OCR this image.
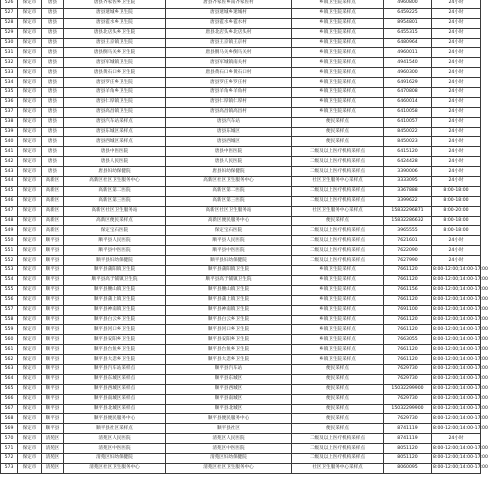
526	保定市	唐县	唐县齐家佐乡卫生院	唐县齐家佐乡南齐家佐村	乡镇卫生院采样点	4960800	24小时
527	保定市	唐县	唐县迷城乡卫生院	唐县迷城乡迷城村	乡镇卫生院采样点	6459225	24小时
528	保定市	唐县	唐县雹水乡卫生院	唐县雹水乡雹水村	乡镇卫生院采样点	8954801	24小时
529	保定市	唐县	唐县北店头乡卫生院	唐县北店头乡北店头村	乡镇卫生院采样点	6455315	24小时
530	保定市	唐县	唐县王京镇卫生院	唐县王京镇王京村	乡镇卫生院采样点	6480964	24小时
531	保定市	唐县	唐县倒马关乡卫生院	唐县倒马关乡倒马关村	乡镇卫生院采样点	4960011	24小时
532	保定市	唐县	唐县军城镇卫生院	唐县军城镇南关村	乡镇卫生院采样点	4941540	24小时
533	保定市	唐县	唐县黄石口乡卫生院	唐县黄石口乡黄石口村	乡镇卫生院采样点	4960300	24小时
534	保定市	唐县	唐县罗庄乡卫生院	唐县罗庄乡罗庄村	乡镇卫生院采样点	6491629	24小时
535	保定市	唐县	唐县羊角乡卫生院	唐县羊角乡羊角村	乡镇卫生院采样点	6470808	24小时
536	保定市	唐县	唐县仁厚镇卫生院	唐县仁厚镇仁厚村	乡镇卫生院采样点	6460014	24小时
537	保定市	唐县	唐县高昌镇卫生院	唐县高昌镇高昌村	乡镇卫生院采样点	6410058	24小时
538	保定市	唐县	唐县汽车站采样点	唐县汽车站	便民采样点	6410057	24小时
539	保定市	唐县	唐县东城区采样点	唐县东城区	便民采样点	8450022	24小时
540	保定市	唐县	唐县西城区采样点	唐县西城区	便民采样点	8450023	24小时
541	保定市	唐县	唐县中医医院	唐县中医医院	二级及以上医疗机构采样点	6415120	24小时
542	保定市	唐县	唐县人民医院	唐县人民医院	二级及以上医疗机构采样点	6424428	24小时
543	保定市	唐县	唐县妇幼保健院	唐县妇幼保健院	二级及以上医疗机构采样点	3390006	24小时
544	保定市	高新区	高新区社区卫生服务中心	高新区社区卫生服务中心	社区卫生服务中心采样点	3333095	24小时
545	保定市	高新区	高新区第二医院	高新区第二医院	二级及以上医疗机构采样点	3367888	8:00-18:00
546	保定市	高新区	高新区第三医院	高新区第三医院	二级及以上医疗机构采样点	3399622	8:00-18:00
547	保定市	高新区	高新区社区卫生服务站	高新区社区卫生服务站	社区卫生服务中心采样点	15832296871	8:00-20:00
548	保定市	高新区	高新区便民采样点	高新区便民服务中心	便民采样点	15832286632	8:00-18:00
549	保定市	高新区	保定宝石医院	保定宝石医院	二级及以上医疗机构采样点	3965555	8:00-18:00
550	保定市	顺平县	顺平县人民医院	顺平县人民医院	二级及以上医疗机构采样点	7621601	24小时
551	保定市	顺平县	顺平县中医医院	顺平县中医医院	二级及以上医疗机构采样点	7622090	24小时
552	保定市	顺平县	顺平县妇幼保健院	顺平县妇幼保健院	二级及以上医疗机构采样点	7627990	24小时
553	保定市	顺平县	顺平县蒲阳镇卫生院	顺平县蒲阳镇卫生院	乡镇卫生院采样点	7661120	8:00-12:00;14:00-17:00
554	保定市	顺平县	顺平县高于铺镇卫生院	顺平县高于铺镇卫生院	乡镇卫生院采样点	7661120	8:00-12:00;14:00-17:00
555	保定市	顺平县	顺平县腰山镇卫生院	顺平县腰山镇卫生院	乡镇卫生院采样点	7661156	8:00-12:00;14:00-17:00
556	保定市	顺平县	顺平县蒲上镇卫生院	顺平县蒲上镇卫生院	乡镇卫生院采样点	7661120	8:00-12:00;14:00-17:00
557	保定市	顺平县	顺平县神南镇卫生院	顺平县神南镇卫生院	乡镇卫生院采样点	7691100	8:00-12:00;14:00-17:00
558	保定市	顺平县	顺平县白云乡卫生院	顺平县白云乡卫生院	乡镇卫生院采样点	7661120	8:00-12:00;14:00-17:00
559	保定市	顺平县	顺平县河口乡卫生院	顺平县河口乡卫生院	乡镇卫生院采样点	7661120	8:00-12:00;14:00-17:00
560	保定市	顺平县	顺平县安阳乡卫生院	顺平县安阳乡卫生院	乡镇卫生院采样点	7663055	8:00-12:00;14:00-17:00
561	保定市	顺平县	顺平县台鱼乡卫生院	顺平县台鱼乡卫生院	乡镇卫生院采样点	7661120	8:00-12:00;14:00-17:00
562	保定市	顺平县	顺平县大悲乡卫生院	顺平县大悲乡卫生院	乡镇卫生院采样点	7661120	8:00-12:00;14:00-17:00
563	保定市	顺平县	顺平县汽车站采样点	顺平县汽车站	便民采样点	7629730	8:00-12:00;14:00-17:00
564	保定市	顺平县	顺平县东城区采样点	顺平县东城区	便民采样点	7629730	8:00-12:00;14:00-17:00
565	保定市	顺平县	顺平县西城区采样点	顺平县西城区	便民采样点	15032299900	8:00-12:00;14:00-17:00
566	保定市	顺平县	顺平县南城区采样点	顺平县南城区	便民采样点	7629730	8:00-12:00;14:00-17:00
567	保定市	顺平县	顺平县北城区采样点	顺平县北城区	便民采样点	15032299900	8:00-12:00;14:00-17:00
568	保定市	顺平县	顺平县便民服务中心	顺平县便民服务中心	便民采样点	7629730	8:00-12:00;14:00-17:00
569	保定市	顺平县	顺平县社区采样点	顺平县社区	便民采样点	8741119	8:00-12:00;14:00-17:00
570	保定市	清苑区	清苑区人民医院	清苑区人民医院	二级及以上医疗机构采样点	8741119	24小时
571	保定市	清苑区	清苑区中医医院	清苑区中医医院	二级及以上医疗机构采样点	8051120	8:00-12:00;14:00-17:00
572	保定市	清苑区	清苑区妇幼保健院	清苑区妇幼保健院	二级及以上医疗机构采样点	8051120	8:00-12:00;14:00-17:00
573	保定市	清苑区	清苑区社区卫生服务中心	清苑区社区卫生服务中心	社区卫生服务中心采样点	8060095	8:00-12:00;14:00-17:00
